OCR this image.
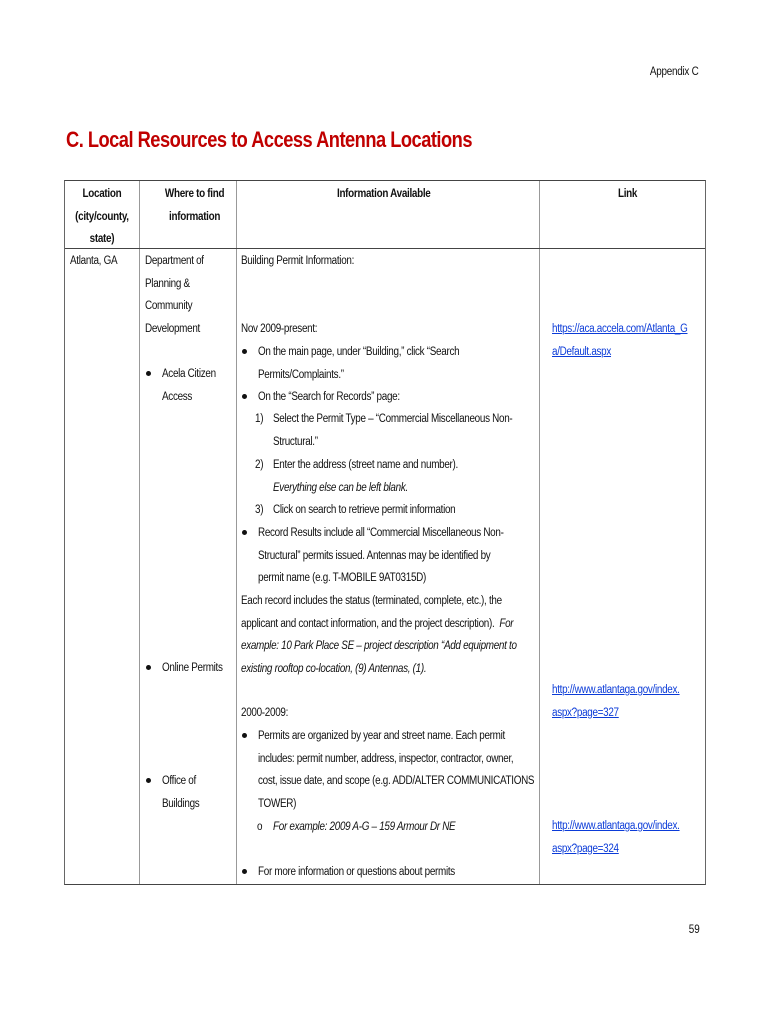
Appendix C
C. Local Resources to Access Antenna Locations
Location
(city/county,
state)
Where to find
information
Information Available	Link
Atlanta, GA Department of
Planning &
Community
Development
Acela Citizen
Access
Online Permits
Office of
Buildings
Building Permit Information:
Nov 2009-present:
On the main page, under “Building,” click “Search
Permits/Complaints.”
On the “Search for Records” page:
1) Select the Permit Type – “Commercial Miscellaneous Non-
Structural.”
2) Enter the address (street name and number).
Everything else can be left blank.
3) Click on search to retrieve permit information
Record Results include all “Commercial Miscellaneous Non-
Structural” permits issued. Antennas may be identified by
permit name (e.g. T-MOBILE 9AT0315D)
Each record includes the status (terminated, complete, etc.), the
applicant and contact information, and the project description). For
example: 10 Park Place SE – project description “Add equipment to
existing rooftop co-location, (9) Antennas, (1).
2000-2009:
Permits are organized by year and street name. Each permit
includes: permit number, address, inspector, contractor, owner,
cost, issue date, and scope (e.g. ADD/ALTER COMMUNICATIONS
TOWER)
o For example: 2009 A-G – 159 Armour Dr NE
For more information or questions about permits
https://aca.accela.com/Atlanta_G
a/Default.aspx
http://www.atlantaga.gov/index.
aspx?page=327
http://www.atlantaga.gov/index.
aspx?page=324
59
